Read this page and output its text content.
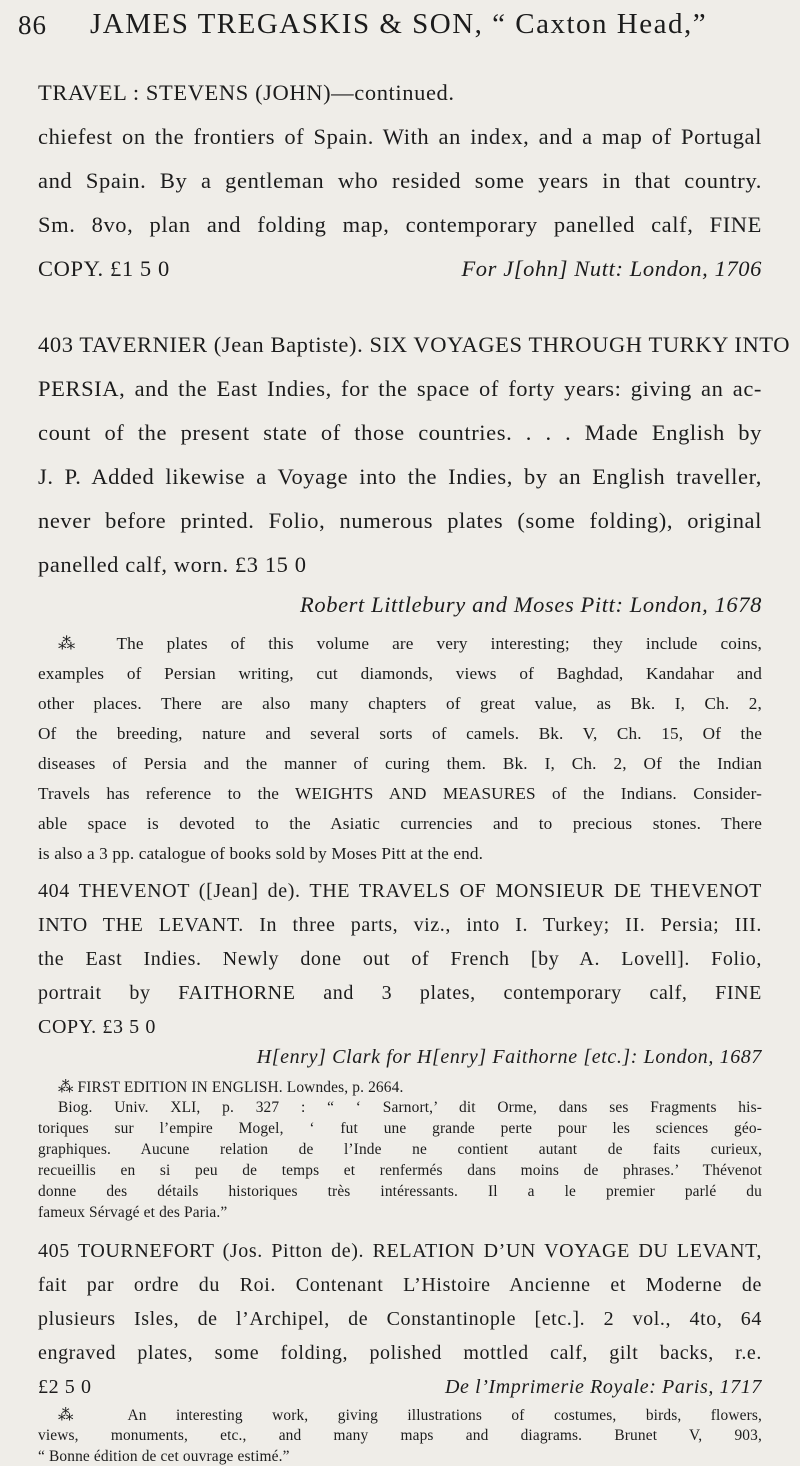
86 JAMES TREGASKIS & SON, “ Caxton Head,”
TRAVEL : STEVENS (JOHN)—continued.
chiefest on the frontiers of Spain. With an index, and a map of Portugal
and Spain. By a gentleman who resided some years in that country.
Sm. 8vo, plan and folding map, contemporary panelled calf, FINE
COPY. £1 5 0	For J[ohn] Nutt: London, 1706
403 TAVERNIER (Jean Baptiste). SIX VOYAGES THROUGH TURKY INTO
PERSIA, and the East Indies, for the space of forty years: giving an ac-
count of the present state of those countries. . . . Made English by
J. P. Added likewise a Voyage into the Indies, by an English traveller,
never before printed. Folio, numerous plates (some folding), original
panelled calf, worn. £3 15 0
Robert Littlebury and Moses Pitt: London, 1678
⁂ The plates of this volume are very interesting; they include coins,
examples of Persian writing, cut diamonds, views of Baghdad, Kandahar and
other places. There are also many chapters of great value, as Bk. I, Ch. 2,
Of the breeding, nature and several sorts of camels. Bk. V, Ch. 15, Of the
diseases of Persia and the manner of curing them. Bk. I, Ch. 2, Of the Indian
Travels has reference to the WEIGHTS AND MEASURES of the Indians. Consider-
able space is devoted to the Asiatic currencies and to precious stones. There
is also a 3 pp. catalogue of books sold by Moses Pitt at the end.
404 THEVENOT ([Jean] de). THE TRAVELS OF MONSIEUR DE THEVENOT
INTO THE LEVANT. In three parts, viz., into I. Turkey; II. Persia; III.
the East Indies. Newly done out of French [by A. Lovell]. Folio,
portrait by FAITHORNE and 3 plates, contemporary calf, FINE
COPY. £3 5 0
H[enry] Clark for H[enry] Faithorne [etc.]: London, 1687
⁂ FIRST EDITION IN ENGLISH. Lowndes, p. 2664.
Biog. Univ. XLI, p. 327 : “ ‘ Sarnort,’ dit Orme, dans ses Fragments his-
toriques sur l’empire Mogel, ‘ fut une grande perte pour les sciences géo-
graphiques. Aucune relation de l’Inde ne contient autant de faits curieux,
recueillis en si peu de temps et renfermés dans moins de phrases.’ Thévenot
donne des détails historiques très intéressants. Il a le premier parlé du
fameux Sérvagé et des Paria.”
405 TOURNEFORT (Jos. Pitton de). RELATION D’UN VOYAGE DU LEVANT,
fait par ordre du Roi. Contenant L’Histoire Ancienne et Moderne de
plusieurs Isles, de l’Archipel, de Constantinople [etc.]. 2 vol., 4to, 64
engraved plates, some folding, polished mottled calf, gilt backs, r.e.
£2 5 0	De l’Imprimerie Royale: Paris, 1717
⁂ An interesting work, giving illustrations of costumes, birds, flowers,
views, monuments, etc., and many maps and diagrams. Brunet V, 903,
“ Bonne édition de cet ouvrage estimé.”
